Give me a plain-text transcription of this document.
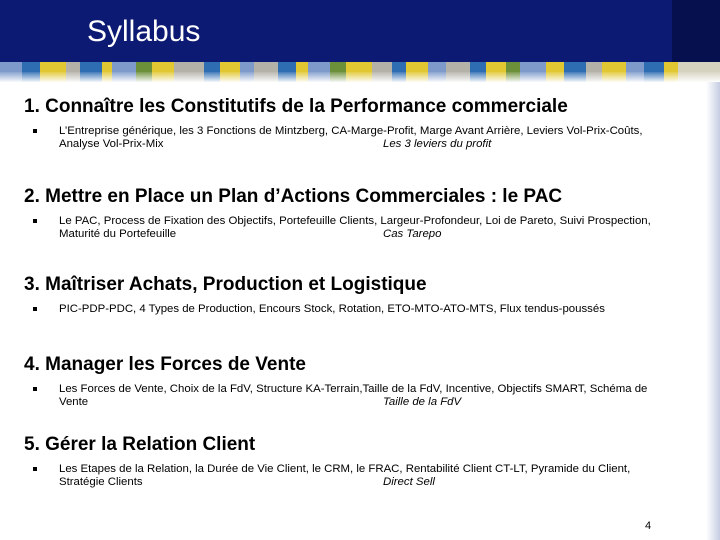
Syllabus
1. Connaître les Constitutifs de la Performance commerciale
L’Entreprise générique, les 3 Fonctions de Mintzberg, CA-Marge-Profit, Marge Avant Arrière, Leviers Vol-Prix-Coûts, Analyse Vol-Prix-Mix	Les 3 leviers du profit
2. Mettre en Place un Plan d’Actions Commerciales : le PAC
Le PAC, Process de Fixation des Objectifs, Portefeuille Clients, Largeur-Profondeur, Loi de Pareto, Suivi Prospection, Maturité du Portefeuille	Cas Tarepo
3. Maîtriser Achats, Production et Logistique
PIC-PDP-PDC, 4 Types de Production, Encours Stock, Rotation, ETO-MTO-ATO-MTS, Flux tendus-poussés
4. Manager les Forces de Vente
Les Forces de Vente, Choix de la FdV, Structure KA-Terrain,Taille de la FdV, Incentive, Objectifs SMART, Schéma de Vente	Taille de la FdV
5. Gérer la Relation Client
Les Etapes de la Relation, la Durée de Vie Client, le CRM, le FRAC, Rentabilité Client CT-LT, Pyramide du Client, Stratégie Clients	Direct Sell
4
